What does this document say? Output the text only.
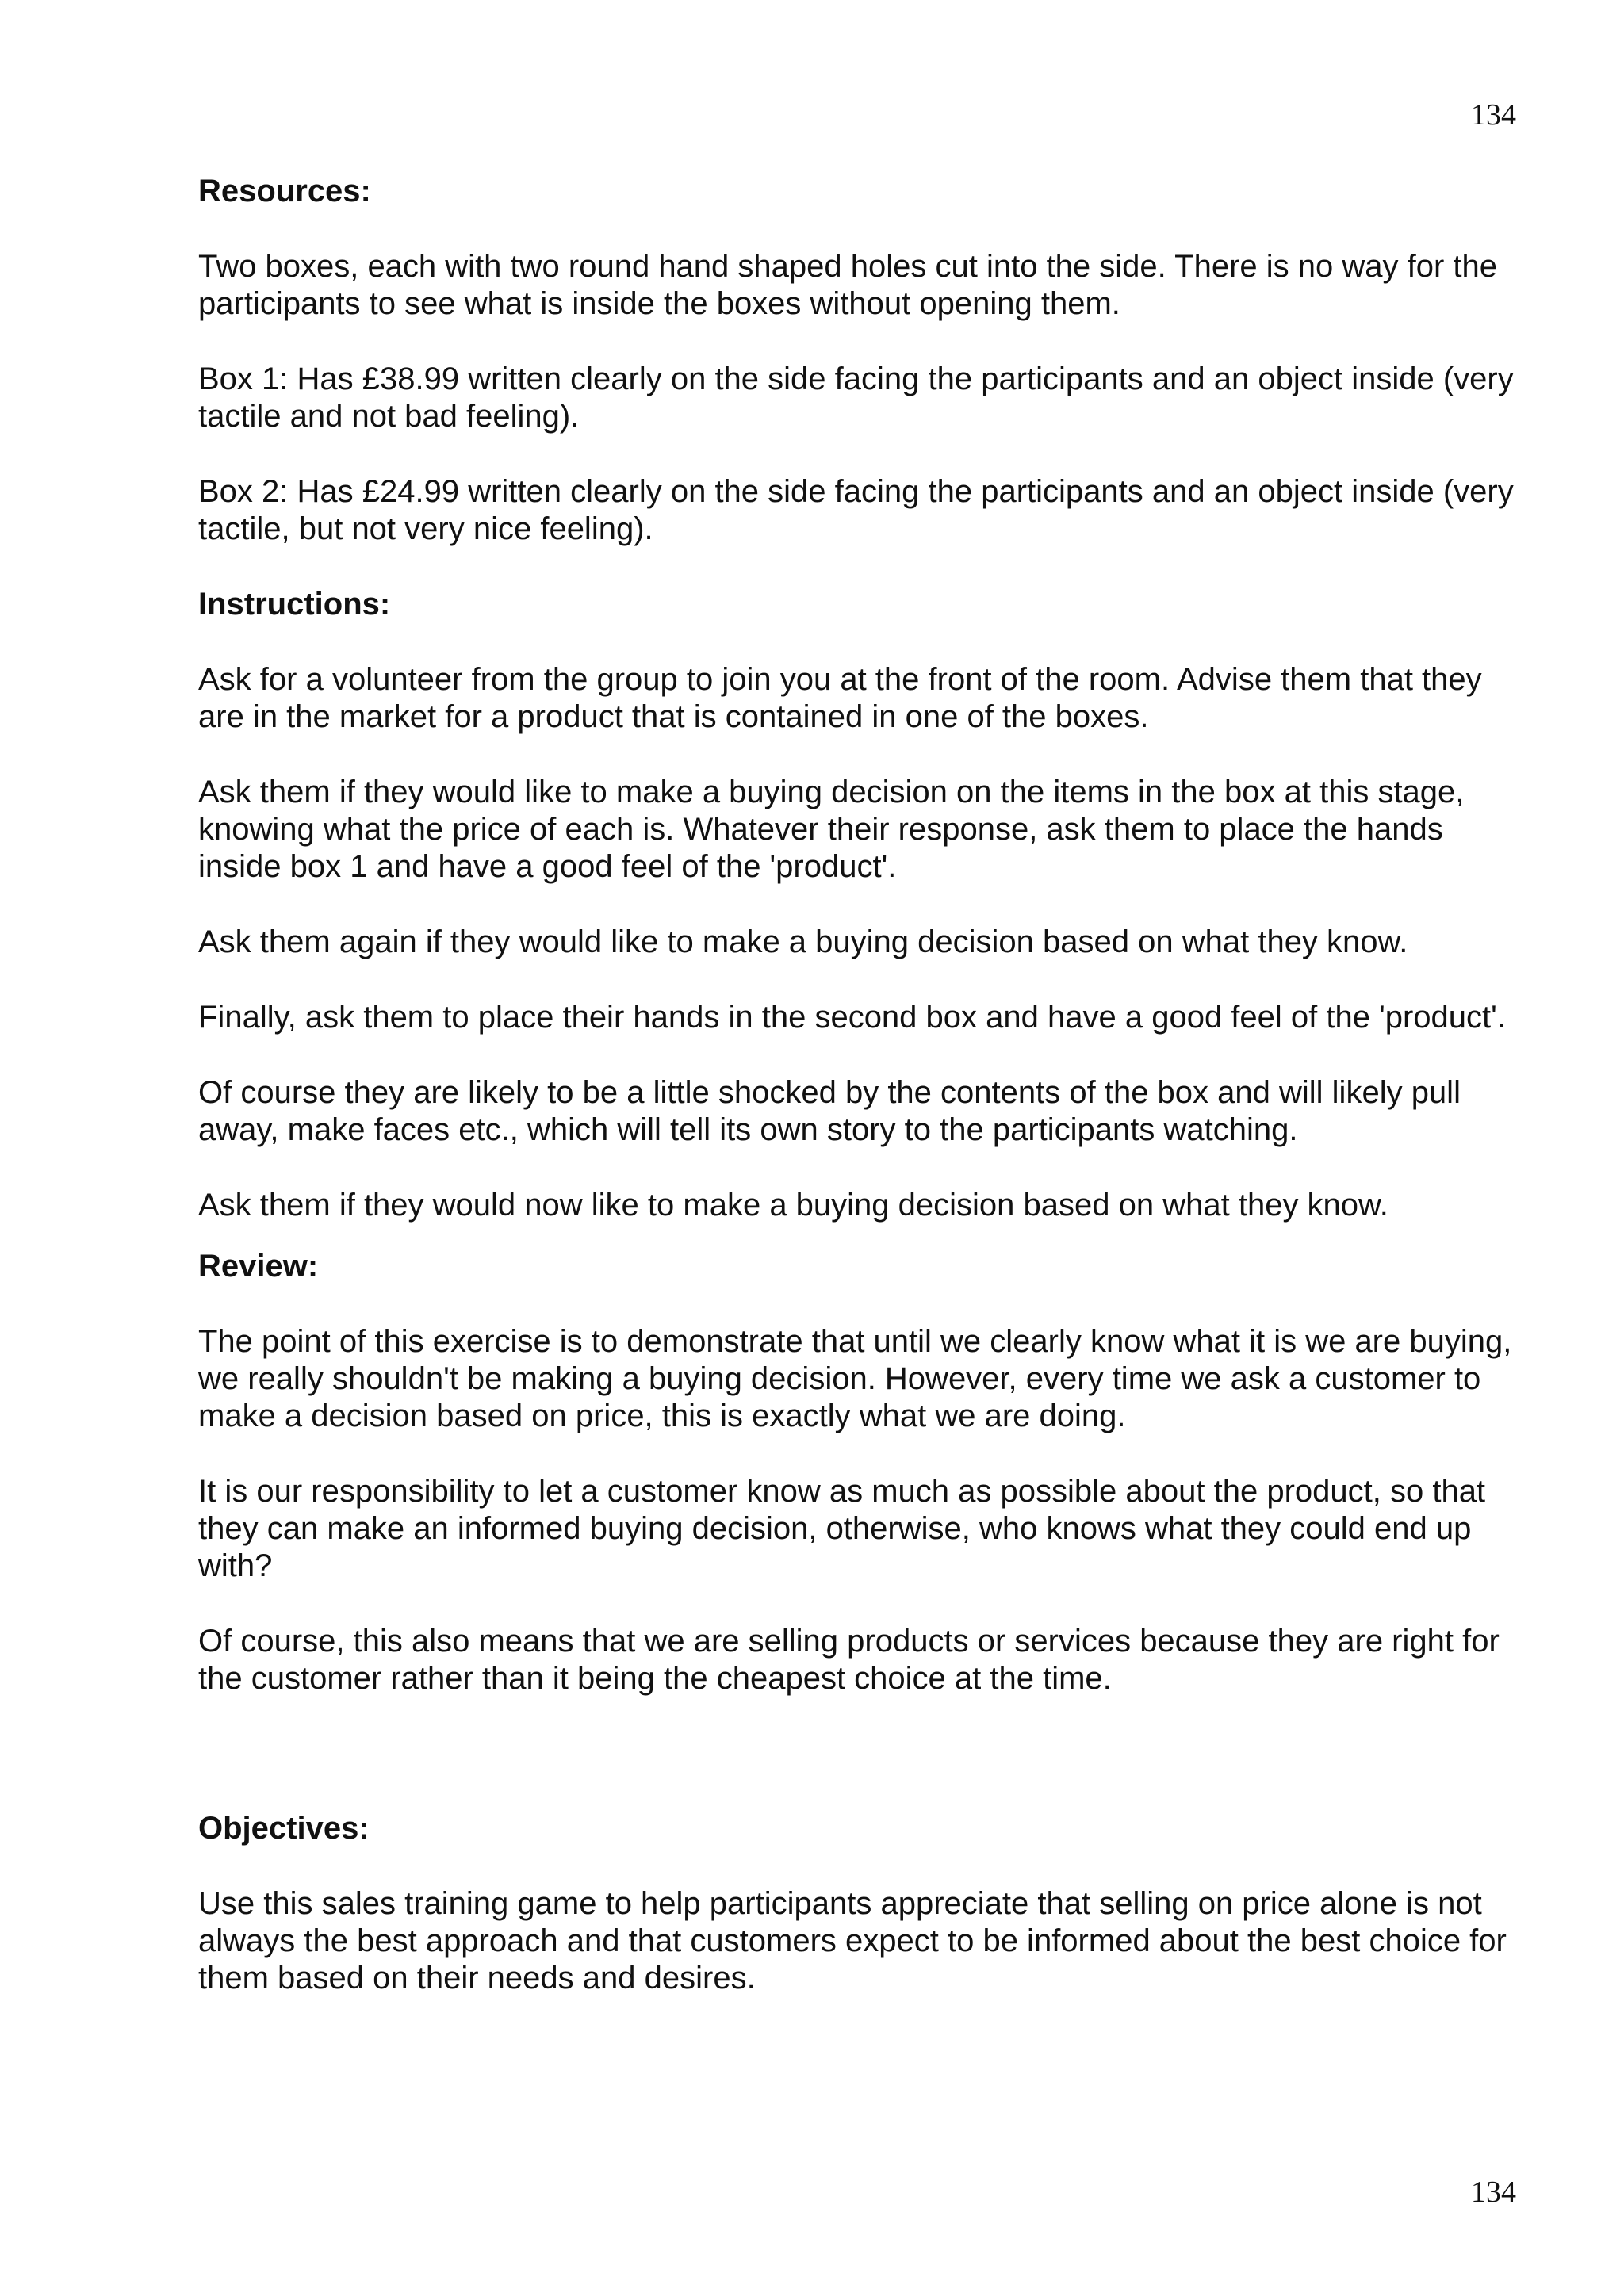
134

Resources:

Two boxes, each with two round hand shaped holes cut into the side. There is no way for the participants to see what is inside the boxes without opening them.

Box 1: Has £38.99 written clearly on the side facing the participants and an object inside (very tactile and not bad feeling).

Box 2: Has £24.99 written clearly on the side facing the participants and an object inside (very tactile, but not very nice feeling).

Instructions:

Ask for a volunteer from the group to join you at the front of the room. Advise them that they are in the market for a product that is contained in one of the boxes.

Ask them if they would like to make a buying decision on the items in the box at this stage, knowing what the price of each is. Whatever their response, ask them to place the hands inside box 1 and have a good feel of the 'product'.

Ask them again if they would like to make a buying decision based on what they know.

Finally, ask them to place their hands in the second box and have a good feel of the 'product'.

Of course they are likely to be a little shocked by the contents of the box and will likely pull away, make faces etc., which will tell its own story to the participants watching.

Ask them if they would now like to make a buying decision based on what they know.

Review:

The point of this exercise is to demonstrate that until we clearly know what it is we are buying, we really shouldn't be making a buying decision. However, every time we ask a customer to make a decision based on price, this is exactly what we are doing.

It is our responsibility to let a customer know as much as possible about the product, so that they can make an informed buying decision, otherwise, who knows what they could end up with?

Of course, this also means that we are selling products or services because they are right for the customer rather than it being the cheapest choice at the time.

Objectives:

Use this sales training game to help participants appreciate that selling on price alone is not always the best approach and that customers expect to be informed about the best choice for them based on their needs and desires.

134
